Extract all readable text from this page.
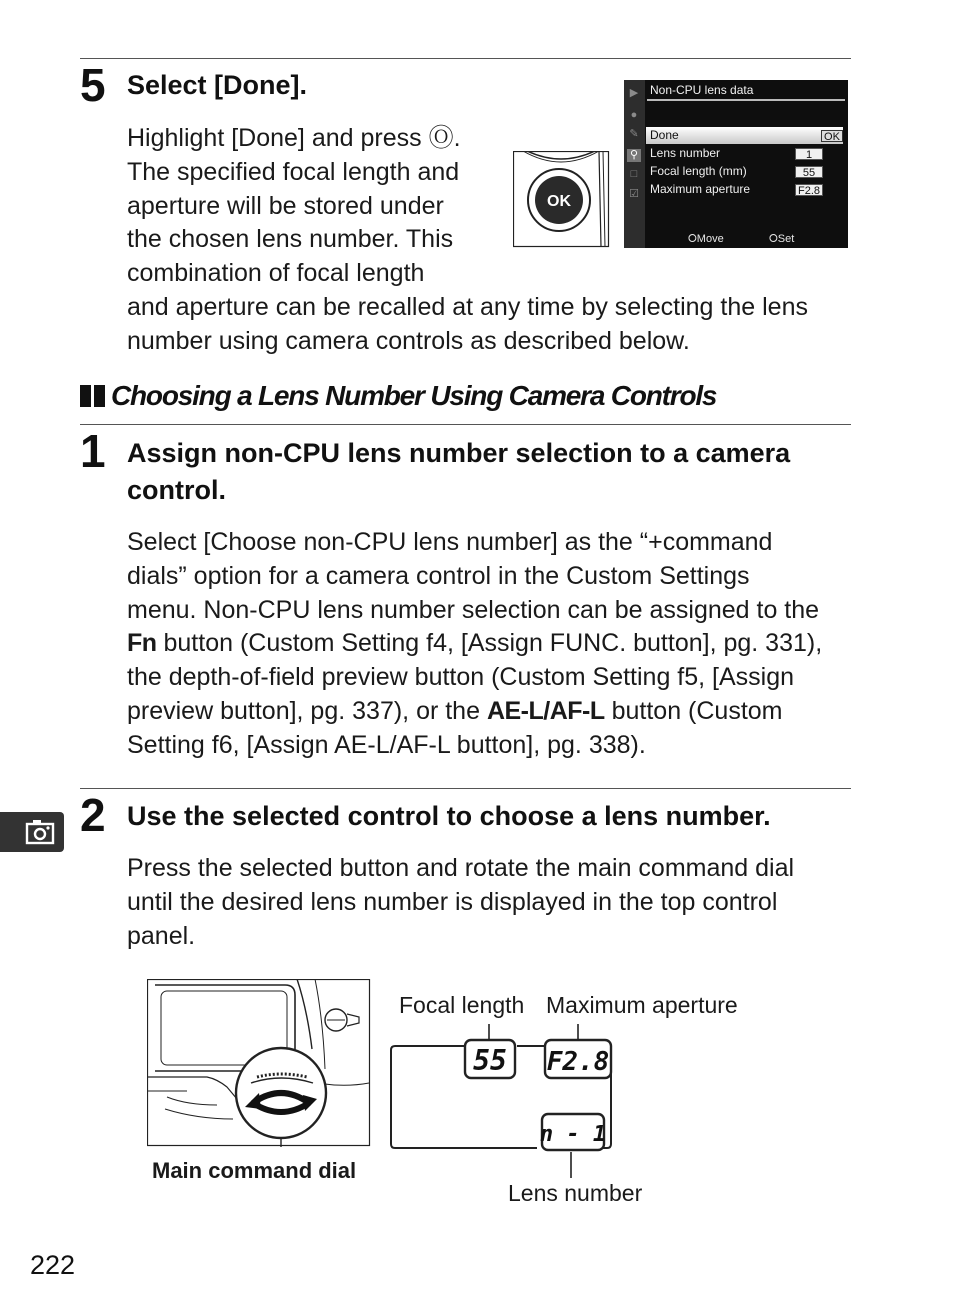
5 Select [Done].
Highlight [Done] and press Ⓞ.
The specified focal length and
aperture will be stored under
the chosen lens number. This
combination of focal length
and aperture can be recalled at any time by selecting the lens
number using camera controls as described below.
OK
▶
●
✎
⚲
□
☑
Non-CPU lens data
Done	OK
Lens number	1
Focal length (mm)	55
Maximum aperture	F2.8
⭘Move	⭘Set
Choosing a Lens Number Using Camera Controls
1 Assign non-CPU lens number selection to a camera
control.
Select [Choose non-CPU lens number] as the “+command
dials” option for a camera control in the Custom Settings
menu. Non-CPU lens number selection can be assigned to the
Fn button (Custom Setting f4, [Assign FUNC. button], pg. 331),
the depth-of-field preview button (Custom Setting f5, [Assign
preview button], pg. 337), or the AE-L/AF-L button (Custom
Setting f6, [Assign AE-L/AF-L button], pg. 338).
2 Use the selected control to choose a lens number.
Press the selected button and rotate the main command dial
until the desired lens number is displayed in the top control
panel.
Main command dial
55 F2.8
n - 1
Focal length Maximum aperture
Lens number
222
